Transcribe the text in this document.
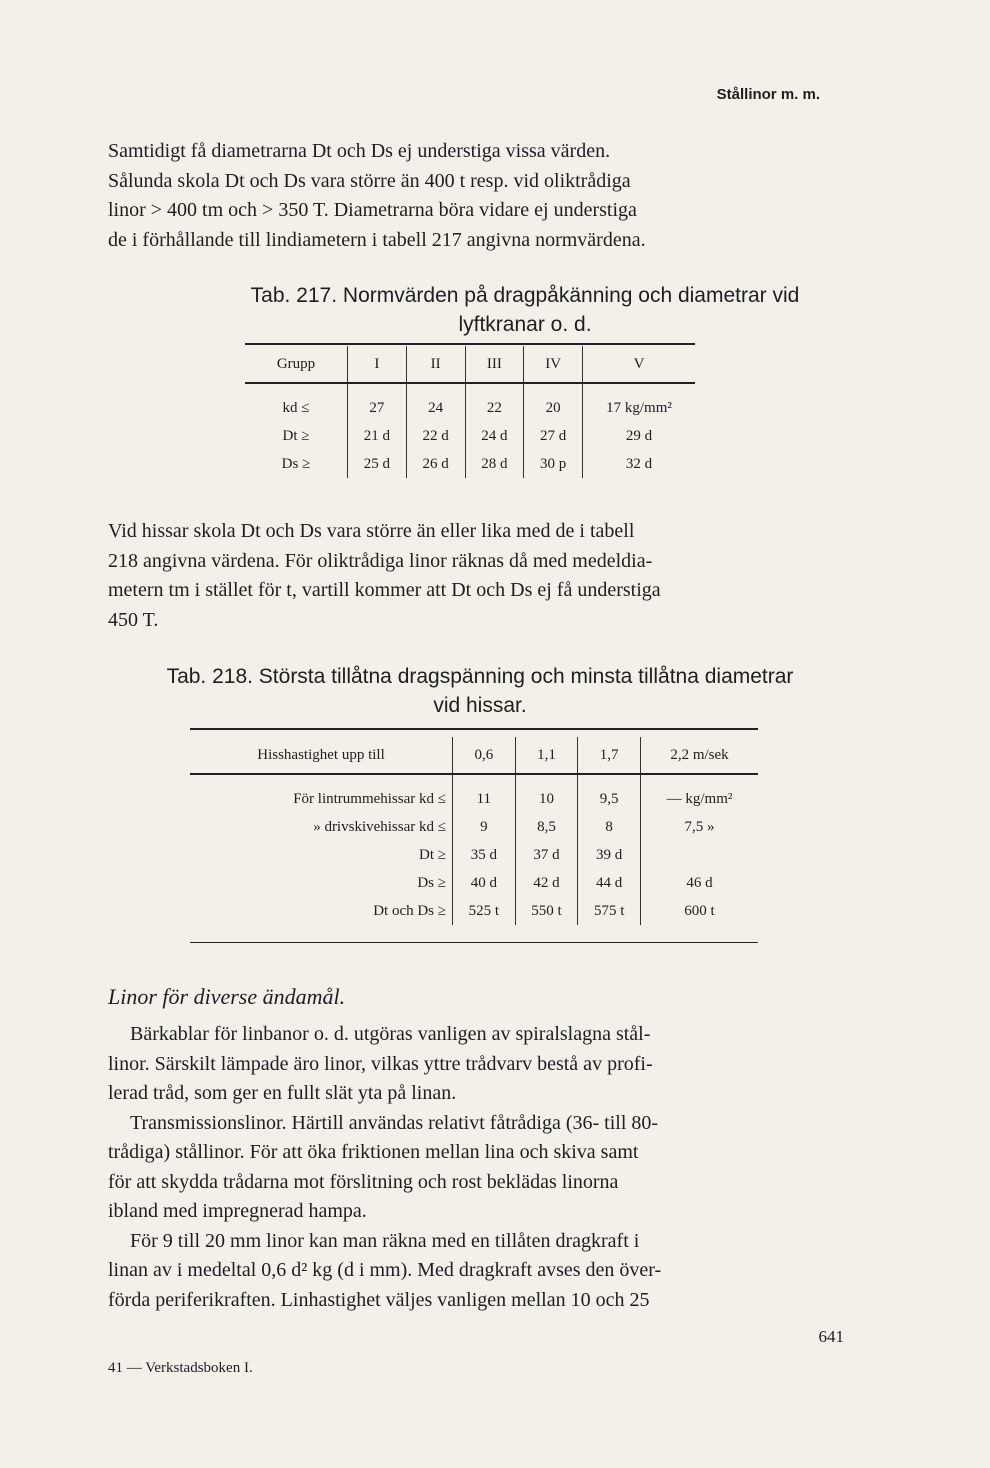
Stållinor m. m.
Samtidigt få diametrarna Dt och Ds ej understiga vissa värden.
Sålunda skola Dt och Ds vara större än 400 t resp. vid oliktrådiga
linor > 400 tm och > 350 T. Diametrarna böra vidare ej understiga
de i förhållande till lindiametern i tabell 217 angivna normvärdena.
Tab. 217. Normvärden på dragpåkänning och diametrar vid
lyftkranar o. d.
Grupp	I	II	III	IV	V

kd ≤	27	24	22	20	17 kg/mm²
Dt ≥	21 d	22 d	24 d	27 d	29 d
Ds ≥	25 d	26 d	28 d	30 p	32 d
Vid hissar skola Dt och Ds vara större än eller lika med de i tabell
218 angivna värdena. För oliktrådiga linor räknas då med medeldia-
metern tm i stället för t, vartill kommer att Dt och Ds ej få understiga
450 T.
Tab. 218. Största tillåtna dragspänning och minsta tillåtna diametrar
vid hissar.
Hisshastighet upp till	0,6	1,1	1,7	2,2 m/sek

För lintrummehissar kd ≤	11	10	9,5	— kg/mm²
» drivskivehissar kd ≤	9	8,5	8	7,5 »
Dt ≥	35 d	37 d	39 d	
Ds ≥	40 d	42 d	44 d	46 d
Dt och Ds ≥	525 t	550 t	575 t	600 t
Linor för diverse ändamål.
Bärkablar för linbanor o. d. utgöras vanligen av spiralslagna stål-
linor. Särskilt lämpade äro linor, vilkas yttre trådvarv bestå av profi-
lerad tråd, som ger en fullt slät yta på linan.
Transmissionslinor. Härtill användas relativt fåtrådiga (36- till 80-
trådiga) stållinor. För att öka friktionen mellan lina och skiva samt
för att skydda trådarna mot förslitning och rost beklädas linorna
ibland med impregnerad hampa.
För 9 till 20 mm linor kan man räkna med en tillåten dragkraft i
linan av i medeltal 0,6 d² kg (d i mm). Med dragkraft avses den över-
förda periferikraften. Linhastighet väljes vanligen mellan 10 och 25
641
41 — Verkstadsboken I.
